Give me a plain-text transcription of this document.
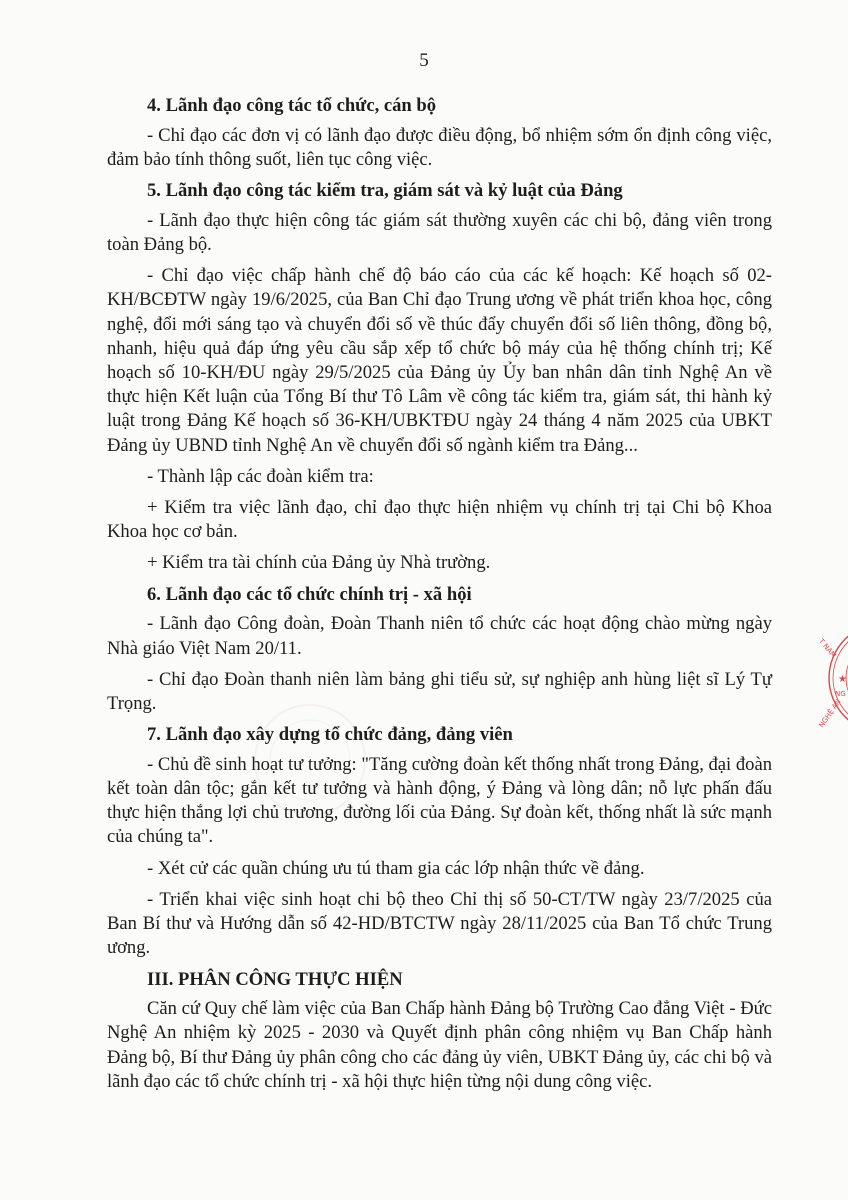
5
4. Lãnh đạo công tác tổ chức, cán bộ
- Chỉ đạo các đơn vị có lãnh đạo được điều động, bổ nhiệm sớm ổn định công việc, đảm bảo tính thông suốt, liên tục công việc.
5. Lãnh đạo công tác kiểm tra, giám sát và kỷ luật của Đảng
- Lãnh đạo thực hiện công tác giám sát thường xuyên các chi bộ, đảng viên trong toàn Đảng bộ.
- Chỉ đạo việc chấp hành chế độ báo cáo của các kế hoạch: Kế hoạch số 02-KH/BCĐTW ngày 19/6/2025, của Ban Chỉ đạo Trung ương về phát triển khoa học, công nghệ, đổi mới sáng tạo và chuyển đổi số về thúc đẩy chuyển đổi số liên thông, đồng bộ, nhanh, hiệu quả đáp ứng yêu cầu sắp xếp tổ chức bộ máy của hệ thống chính trị; Kế hoạch số 10-KH/ĐU ngày 29/5/2025 của Đảng ủy Ủy ban nhân dân tỉnh Nghệ An về thực hiện Kết luận của Tổng Bí thư Tô Lâm về công tác kiểm tra, giám sát, thi hành kỷ luật trong Đảng Kế hoạch số 36-KH/UBKTĐU ngày 24 tháng 4 năm 2025 của UBKT Đảng ủy UBND tỉnh Nghệ An về chuyển đổi số ngành kiểm tra Đảng...
- Thành lập các đoàn kiểm tra:
+ Kiểm tra việc lãnh đạo, chỉ đạo thực hiện nhiệm vụ chính trị tại Chi bộ Khoa Khoa học cơ bản.
+ Kiểm tra tài chính của Đảng ủy Nhà trường.
6. Lãnh đạo các tổ chức chính trị - xã hội
- Lãnh đạo Công đoàn, Đoàn Thanh niên tổ chức các hoạt động chào mừng ngày Nhà giáo Việt Nam 20/11.
- Chỉ đạo Đoàn thanh niên làm bảng ghi tiểu sử, sự nghiệp anh hùng liệt sĩ Lý Tự Trọng.
7. Lãnh đạo xây dựng tổ chức đảng, đảng viên
- Chủ đề sinh hoạt tư tưởng: "Tăng cường đoàn kết thống nhất trong Đảng, đại đoàn kết toàn dân tộc; gắn kết tư tưởng và hành động, ý Đảng và lòng dân; nỗ lực phấn đấu thực hiện thắng lợi chủ trương, đường lối của Đảng. Sự đoàn kết, thống nhất là sức mạnh của chúng ta".
- Xét cử các quần chúng ưu tú tham gia các lớp nhận thức về đảng.
- Triển khai việc sinh hoạt chi bộ theo Chỉ thị số 50-CT/TW ngày 23/7/2025 của Ban Bí thư và Hướng dẫn số 42-HD/BTCTW ngày 28/11/2025 của Ban Tổ chức Trung ương.
III. PHÂN CÔNG THỰC HIỆN
Căn cứ Quy chế làm việc của Ban Chấp hành Đảng bộ Trường Cao đẳng Việt - Đức Nghệ An nhiệm kỳ 2025 - 2030 và Quyết định phân công nhiệm vụ Ban Chấp hành Đảng bộ, Bí thư Đảng ủy phân công cho các đảng ủy viên, UBKT Đảng ủy, các chi bộ và lãnh đạo các tổ chức chính trị - xã hội thực hiện từng nội dung công việc.
T NAM
★
NG
NGHỆ AN
